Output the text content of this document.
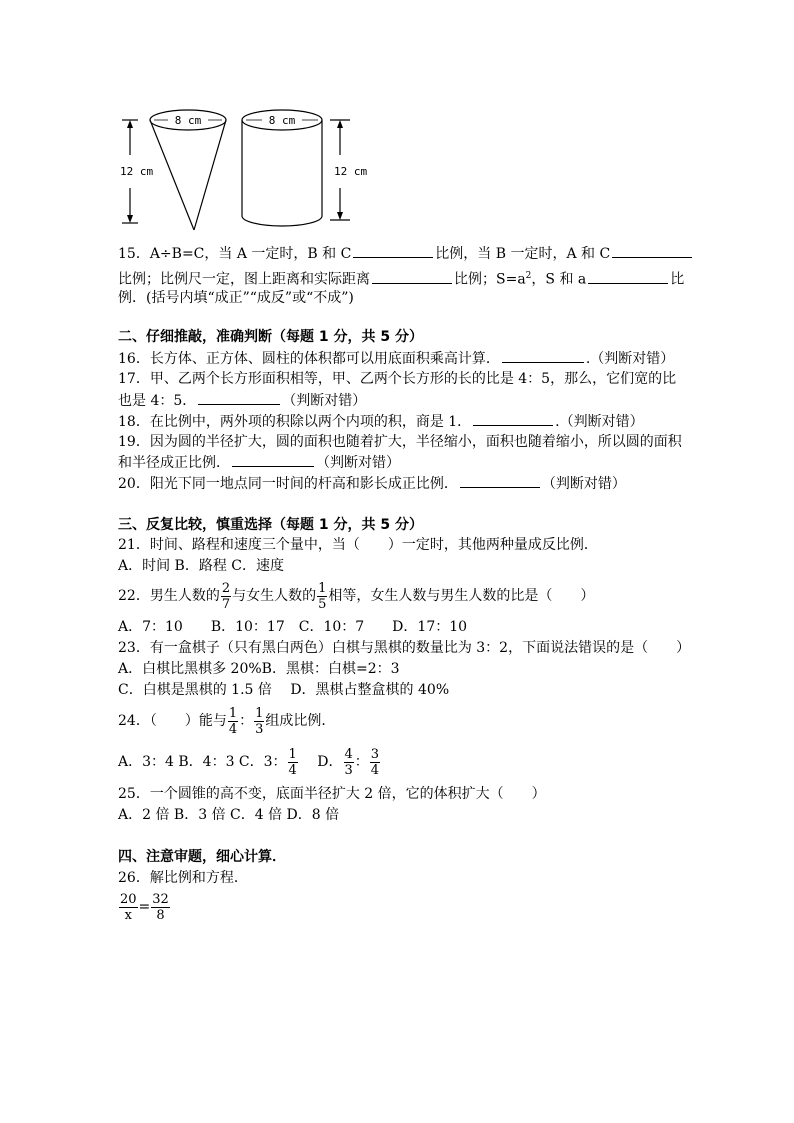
8 cm	8 cm
12 cm	12 cm
15．A÷B=C，当 A 一定时，B 和 C	比例，当 B 一定时，A 和 C
比例；比例尺一定，图上距离和实际距离	比例；$S=a^2$，S 和 a	比
例．(括号内填“成正”“成反”或“不成”)
二、仔细推敲，准确判断（每题 1 分，共 5 分）
16．长方体、正方体、圆柱的体积都可以用底面积乘高计算．	.（判断对错）
17．甲、乙两个长方形面积相等，甲、乙两个长方形的长的比是 4：5，那么，它们宽的比
也是 4：5．	（判断对错）
18．在比例中，两外项的积除以两个内项的积，商是 1．	.（判断对错）
19．因为圆的半径扩大，圆的面积也随着扩大，半径缩小，面积也随着缩小，所以圆的面积
和半径成正比例．	（判断对错）
20．阳光下同一地点同一时间的杆高和影长成正比例．	（判断对错）
三、反复比较，慎重选择（每题 1 分，共 5 分）
21．时间、路程和速度三个量中，当（　　）一定时，其他两种量成反比例．
A．时间 B．路程 C．速度
22．男生人数的 $\frac{2}{7}$ 与女生人数的 $\frac{1}{5}$ 相等，女生人数与男生人数的比是（　　）
A．7：10　　B．10：17　C．10：7　　D．17：10
23．有一盒棋子（只有黑白两色）白棋与黑棋的数量比为 3：2，下面说法错误的是（　　）
A．白棋比黑棋多 20%B．黑棋：白棋=2：3
C．白棋是黑棋的 1.5 倍　 D．黑棋占整盒棋的 40%
24．（　　）能与 $\frac{1}{4}$ ： $\frac{1}{3}$ 组成比例．
A．3：4 B．4：3 C．3： $\frac{1}{4}$ 　 D． $\frac{4}{3}$ ： $\frac{3}{4}$
25．一个圆锥的高不变，底面半径扩大 2 倍，它的体积扩大（　　）
A．2 倍 B．3 倍 C．4 倍 D．8 倍
四、注意审题，细心计算．
26．解比例和方程．
$\frac{20}{x} = \frac{32}{8}$
